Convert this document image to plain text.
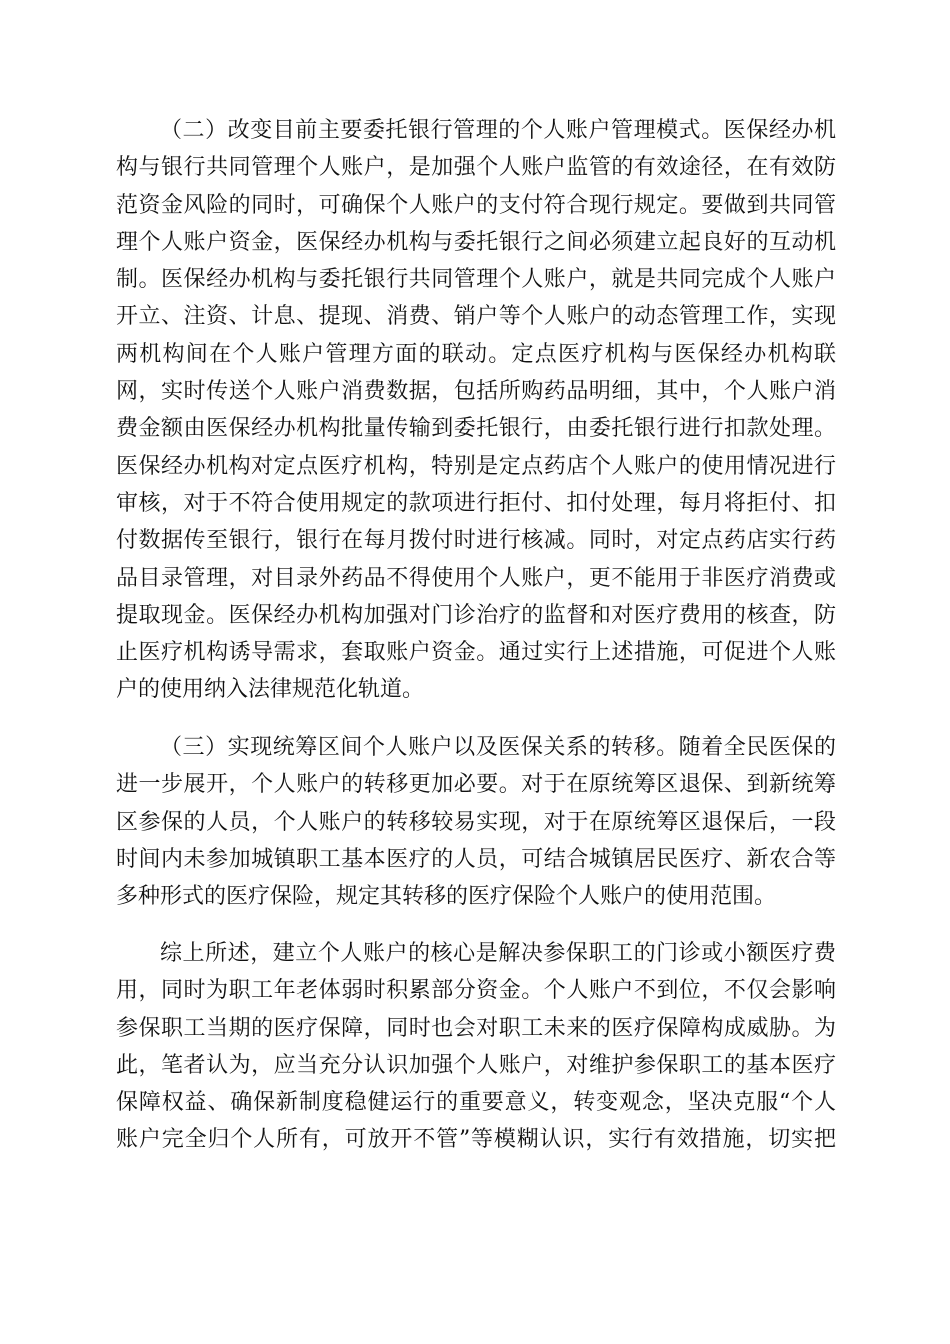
（二）改变目前主要委托银行管理的个人账户管理模式。医保经办机
构与银行共同管理个人账户，是加强个人账户监管的有效途径，在有效防
范资金风险的同时，可确保个人账户的支付符合现行规定。要做到共同管
理个人账户资金，医保经办机构与委托银行之间必须建立起良好的互动机
制。医保经办机构与委托银行共同管理个人账户，就是共同完成个人账户
开立、注资、计息、提现、消费、销户等个人账户的动态管理工作，实现
两机构间在个人账户管理方面的联动。定点医疗机构与医保经办机构联
网，实时传送个人账户消费数据，包括所购药品明细，其中，个人账户消
费金额由医保经办机构批量传输到委托银行，由委托银行进行扣款处理。
医保经办机构对定点医疗机构，特别是定点药店个人账户的使用情况进行
审核，对于不符合使用规定的款项进行拒付、扣付处理，每月将拒付、扣
付数据传至银行，银行在每月拨付时进行核减。同时，对定点药店实行药
品目录管理，对目录外药品不得使用个人账户，更不能用于非医疗消费或
提取现金。医保经办机构加强对门诊治疗的监督和对医疗费用的核查，防
止医疗机构诱导需求，套取账户资金。通过实行上述措施，可促进个人账
户的使用纳入法律规范化轨道。
（三）实现统筹区间个人账户以及医保关系的转移。随着全民医保的
进一步展开，个人账户的转移更加必要。对于在原统筹区退保、到新统筹
区参保的人员，个人账户的转移较易实现，对于在原统筹区退保后，一段
时间内未参加城镇职工基本医疗的人员，可结合城镇居民医疗、新农合等
多种形式的医疗保险，规定其转移的医疗保险个人账户的使用范围。
综上所述，建立个人账户的核心是解决参保职工的门诊或小额医疗费
用，同时为职工年老体弱时积累部分资金。个人账户不到位，不仅会影响
参保职工当期的医疗保障，同时也会对职工未来的医疗保障构成威胁。为
此，笔者认为，应当充分认识加强个人账户，对维护参保职工的基本医疗
保障权益、确保新制度稳健运行的重要意义，转变观念，坚决克服“个人
账户完全归个人所有，可放开不管”等模糊认识，实行有效措施，切实把
